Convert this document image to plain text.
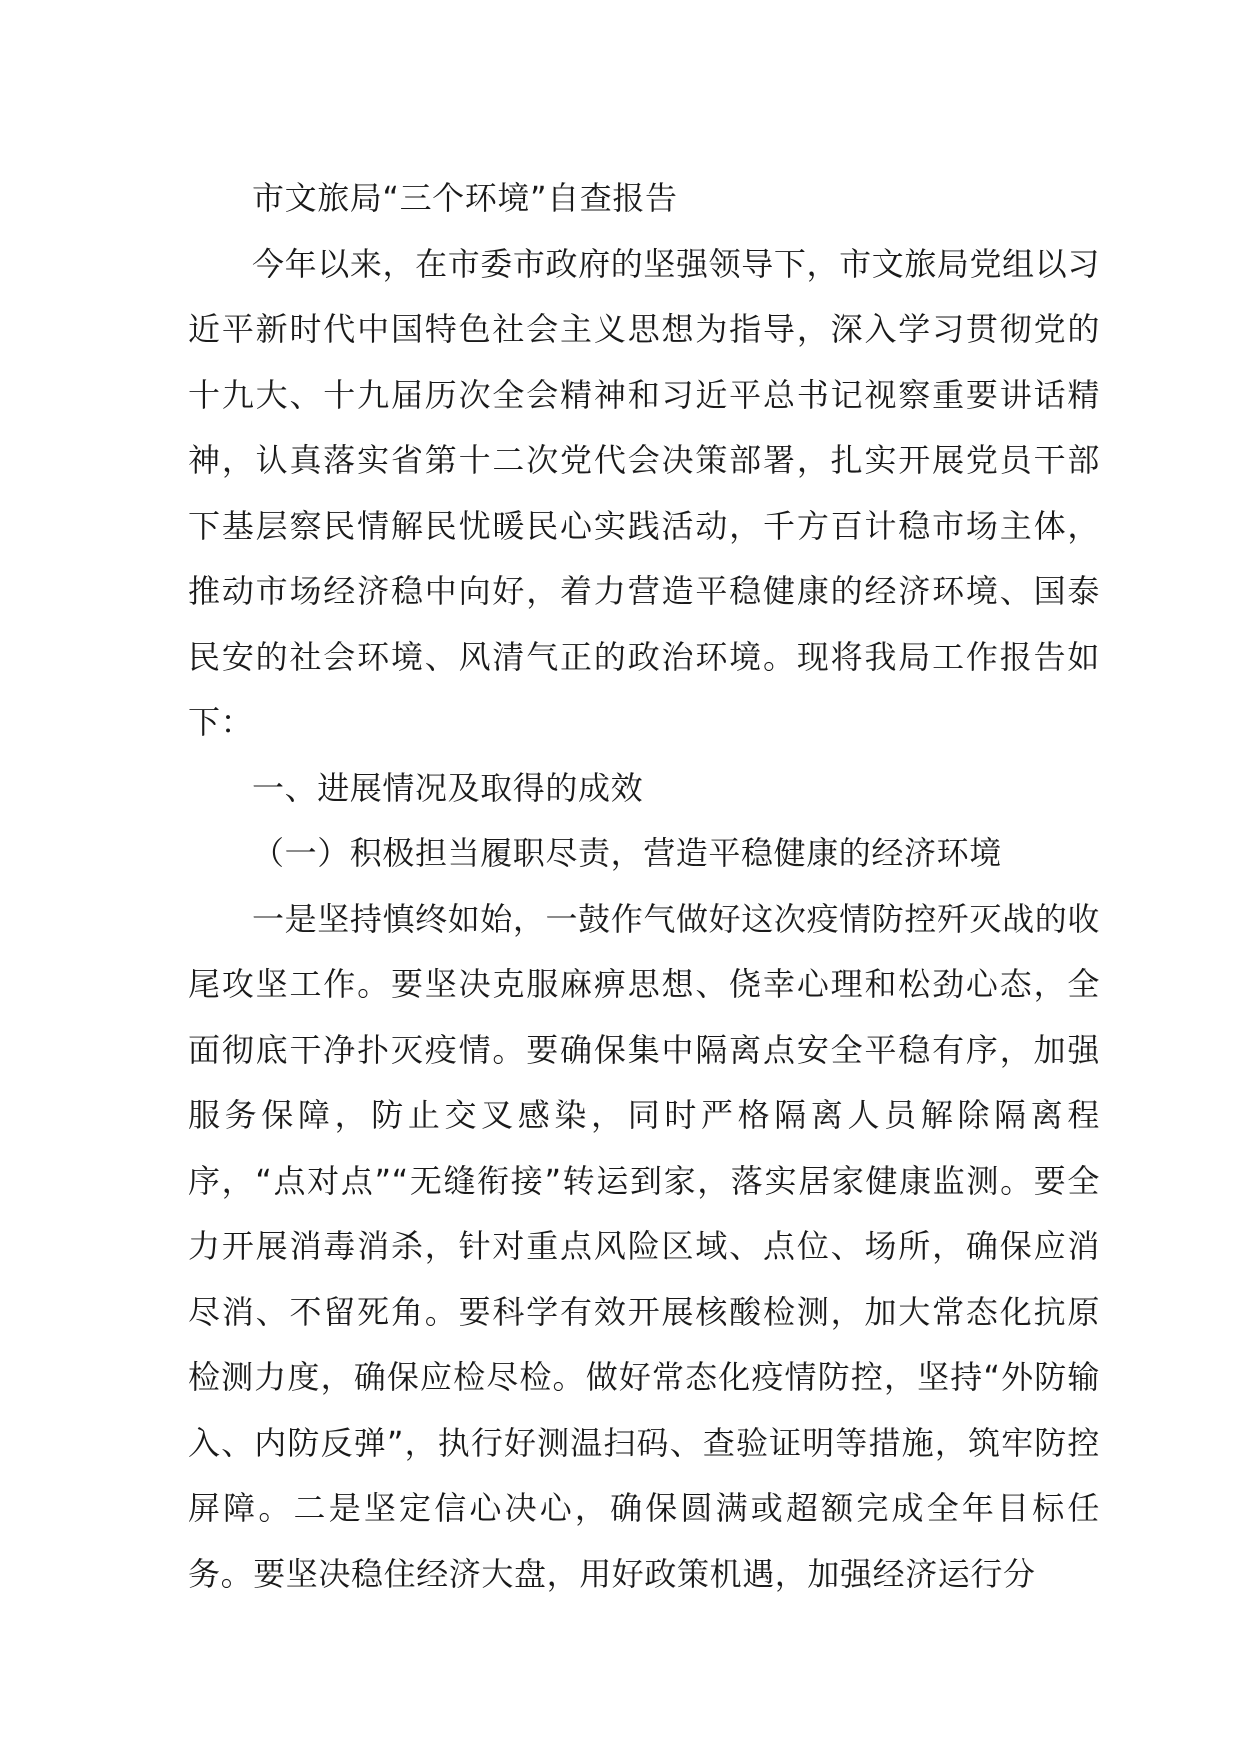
市文旅局“三个环境”自查报告

今年以来，在市委市政府的坚强领导下，市文旅局党组以习近平新时代中国特色社会主义思想为指导，深入学习贯彻党的十九大、十九届历次全会精神和习近平总书记视察重要讲话精神，认真落实省第十二次党代会决策部署，扎实开展党员干部下基层察民情解民忧暖民心实践活动，千方百计稳市场主体，推动市场经济稳中向好，着力营造平稳健康的经济环境、国泰民安的社会环境、风清气正的政治环境。现将我局工作报告如下：

一、进展情况及取得的成效

（一）积极担当履职尽责，营造平稳健康的经济环境

一是坚持慎终如始，一鼓作气做好这次疫情防控歼灭战的收尾攻坚工作。要坚决克服麻痹思想、侥幸心理和松劲心态，全面彻底干净扑灭疫情。要确保集中隔离点安全平稳有序，加强服务保障，防止交叉感染，同时严格隔离人员解除隔离程序，“点对点”“无缝衔接”转运到家，落实居家健康监测。要全力开展消毒消杀，针对重点风险区域、点位、场所，确保应消尽消、不留死角。要科学有效开展核酸检测，加大常态化抗原检测力度，确保应检尽检。做好常态化疫情防控，坚持“外防输入、内防反弹”，执行好测温扫码、查验证明等措施，筑牢防控屏障。二是坚定信心决心，确保圆满或超额完成全年目标任务。要坚决稳住经济大盘，用好政策机遇，加强经济运行分
